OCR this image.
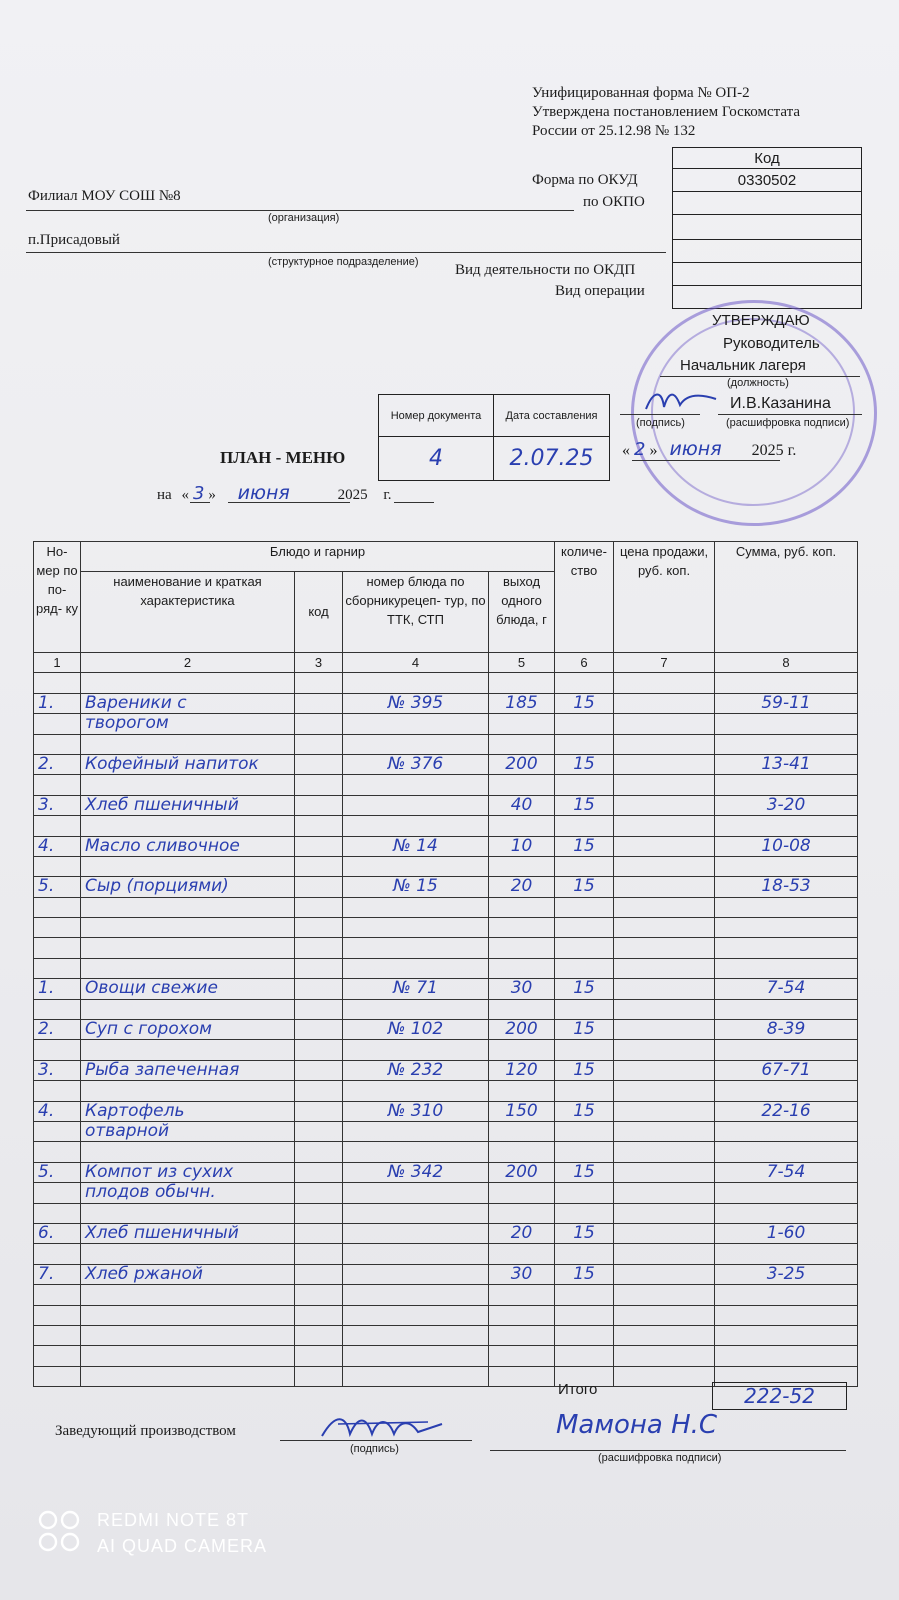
Унифицированная форма № ОП-2
Утверждена постановлением Госкомстата
России от 25.12.98 № 132
Код
0330502

Форма по ОКУД
по ОКПО
Вид деятельности по ОКДП
Вид операции
Филиал МОУ СОШ №8
(организация)
п.Присадовый
(структурное подразделение)
УТВЕРЖДАЮ
Руководитель
Начальник лагеря
(должность)
(подпись)
И.В.Казанина
(расшифровка подписи)
« 2 » июня 2025 г.
Номер документа	Дата составления
4	2.07.25
ПЛАН - МЕНЮ
на « 3 » июня	2025 г.
Но- мер по по- ряд- ку	Блюдо и гарнир				количе- ство	цена продажи, руб. коп.	Сумма, руб. коп.
	наименование и краткая характеристика	код	номер блюда по сборникурецеп- тур, по ТТК, СТП	выход одного блюда, г			
1	2	3	4	5	6	7	8

1.	Вареники с		№ 395	185	15		59-11
	творогом						

2.	Кофейный напиток		№ 376	200	15		13-41

3.	Хлеб пшеничный			40	15		3-20

4.	Масло сливочное		№ 14	10	15		10-08

5.	Сыр (порциями)		№ 15	20	15		18-53

1.	Овощи свежие		№ 71	30	15		7-54

2.	Суп с горохом		№ 102	200	15		8-39

3.	Рыба запеченная		№ 232	120	15		67-71

4.	Картофель		№ 310	150	15		22-16
	отварной						

5.	Компот из сухих		№ 342	200	15		7-54
	плодов обычн.						

6.	Хлеб пшеничный			20	15		1-60

7.	Хлеб ржаной			30	15		3-25

Итого	222-52
Заведующий производством
(подпись)
Мамона Н.С
(расшифровка подписи)
REDMI NOTE 8T
AI QUAD CAMERA
